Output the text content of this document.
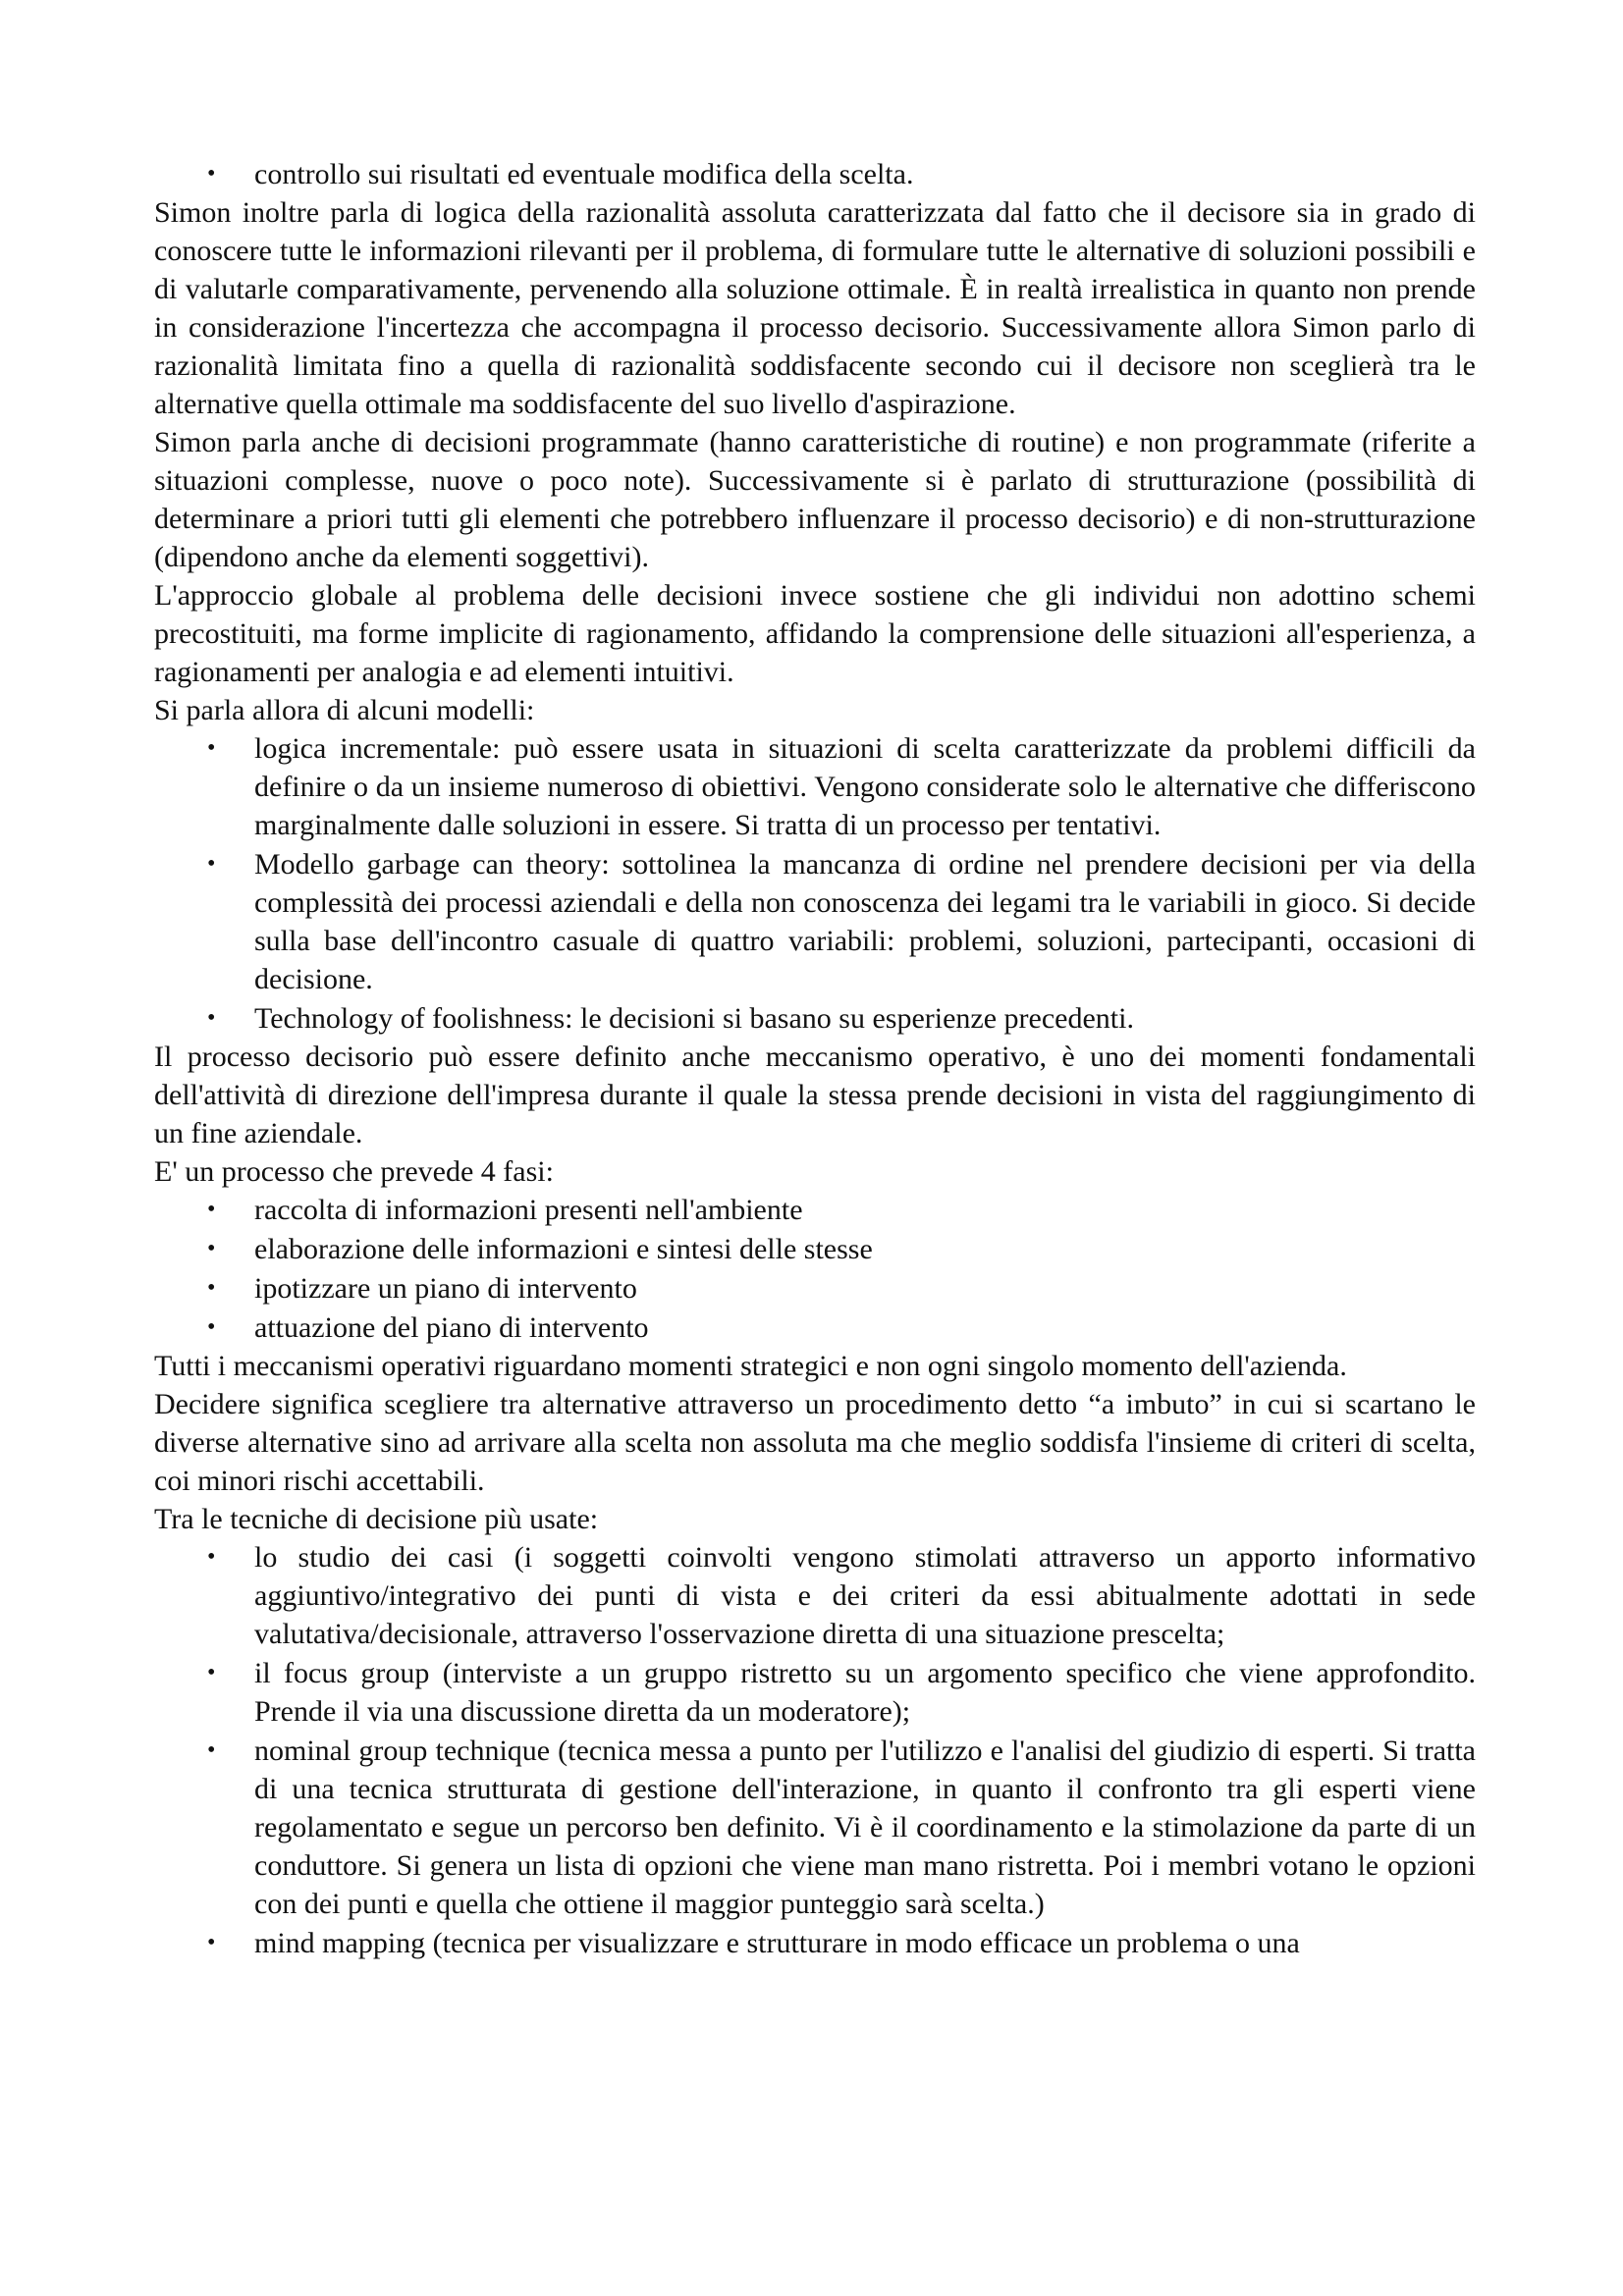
• controllo sui risultati ed eventuale modifica della scelta.

Simon inoltre parla di logica della razionalità assoluta caratterizzata dal fatto che il decisore sia in grado di conoscere tutte le informazioni rilevanti per il problema, di formulare tutte le alternative di soluzioni possibili e di valutarle comparativamente, pervenendo alla soluzione ottimale. È in realtà irrealistica in quanto non prende in considerazione l'incertezza che accompagna il processo decisorio. Successivamente allora Simon parlo di razionalità limitata fino a quella di razionalità soddisfacente secondo cui il decisore non sceglierà tra le alternative quella ottimale ma soddisfacente del suo livello d'aspirazione.

Simon parla anche di decisioni programmate (hanno caratteristiche di routine) e non programmate (riferite a situazioni complesse, nuove o poco note). Successivamente si è parlato di strutturazione (possibilità di determinare a priori tutti gli elementi che potrebbero influenzare il processo decisorio) e di non-strutturazione (dipendono anche da elementi soggettivi).

L'approccio globale al problema delle decisioni invece sostiene che gli individui non adottino schemi precostituiti, ma forme implicite di ragionamento, affidando la comprensione delle situazioni all'esperienza, a ragionamenti per analogia e ad elementi intuitivi.

Si parla allora di alcuni modelli:

• logica incrementale: può essere usata in situazioni di scelta caratterizzate da problemi difficili da definire o da un insieme numeroso di obiettivi. Vengono considerate solo le alternative che differiscono marginalmente dalle soluzioni in essere. Si tratta di un processo per tentativi.
• Modello garbage can theory: sottolinea la mancanza di ordine nel prendere decisioni per via della complessità dei processi aziendali e della non conoscenza dei legami tra le variabili in gioco. Si decide sulla base dell'incontro casuale di quattro variabili: problemi, soluzioni, partecipanti, occasioni di decisione.
• Technology of foolishness: le decisioni si basano su esperienze precedenti.

Il processo decisorio può essere definito anche meccanismo operativo, è uno dei momenti fondamentali dell'attività di direzione dell'impresa durante il quale la stessa prende decisioni in vista del raggiungimento di un fine aziendale.

E' un processo che prevede 4 fasi:

• raccolta di informazioni presenti nell'ambiente
• elaborazione delle informazioni e sintesi delle stesse
• ipotizzare un piano di intervento
• attuazione del piano di intervento

Tutti i meccanismi operativi riguardano momenti strategici e non ogni singolo momento dell'azienda.

Decidere significa scegliere tra alternative attraverso un procedimento detto “a imbuto” in cui si scartano le diverse alternative sino ad arrivare alla scelta non assoluta ma che meglio soddisfa l'insieme di criteri di scelta, coi minori rischi accettabili.

Tra le tecniche di decisione più usate:

• lo studio dei casi (i soggetti coinvolti vengono stimolati attraverso un apporto informativo aggiuntivo/integrativo dei punti di vista e dei criteri da essi abitualmente adottati in sede valutativa/decisionale, attraverso l'osservazione diretta di una situazione prescelta;
• il focus group (interviste a un gruppo ristretto su un argomento specifico che viene approfondito. Prende il via una discussione diretta da un moderatore);
• nominal group technique (tecnica messa a punto per l'utilizzo e l'analisi del giudizio di esperti. Si tratta di una tecnica strutturata di gestione dell'interazione, in quanto il confronto tra gli esperti viene regolamentato e segue un percorso ben definito. Vi è il coordinamento e la stimolazione da parte di un conduttore. Si genera un lista di opzioni che viene man mano ristretta. Poi i membri votano le opzioni con dei punti e quella che ottiene il maggior punteggio sarà scelta.)
• mind mapping (tecnica per visualizzare e strutturare in modo efficace un problema o una
